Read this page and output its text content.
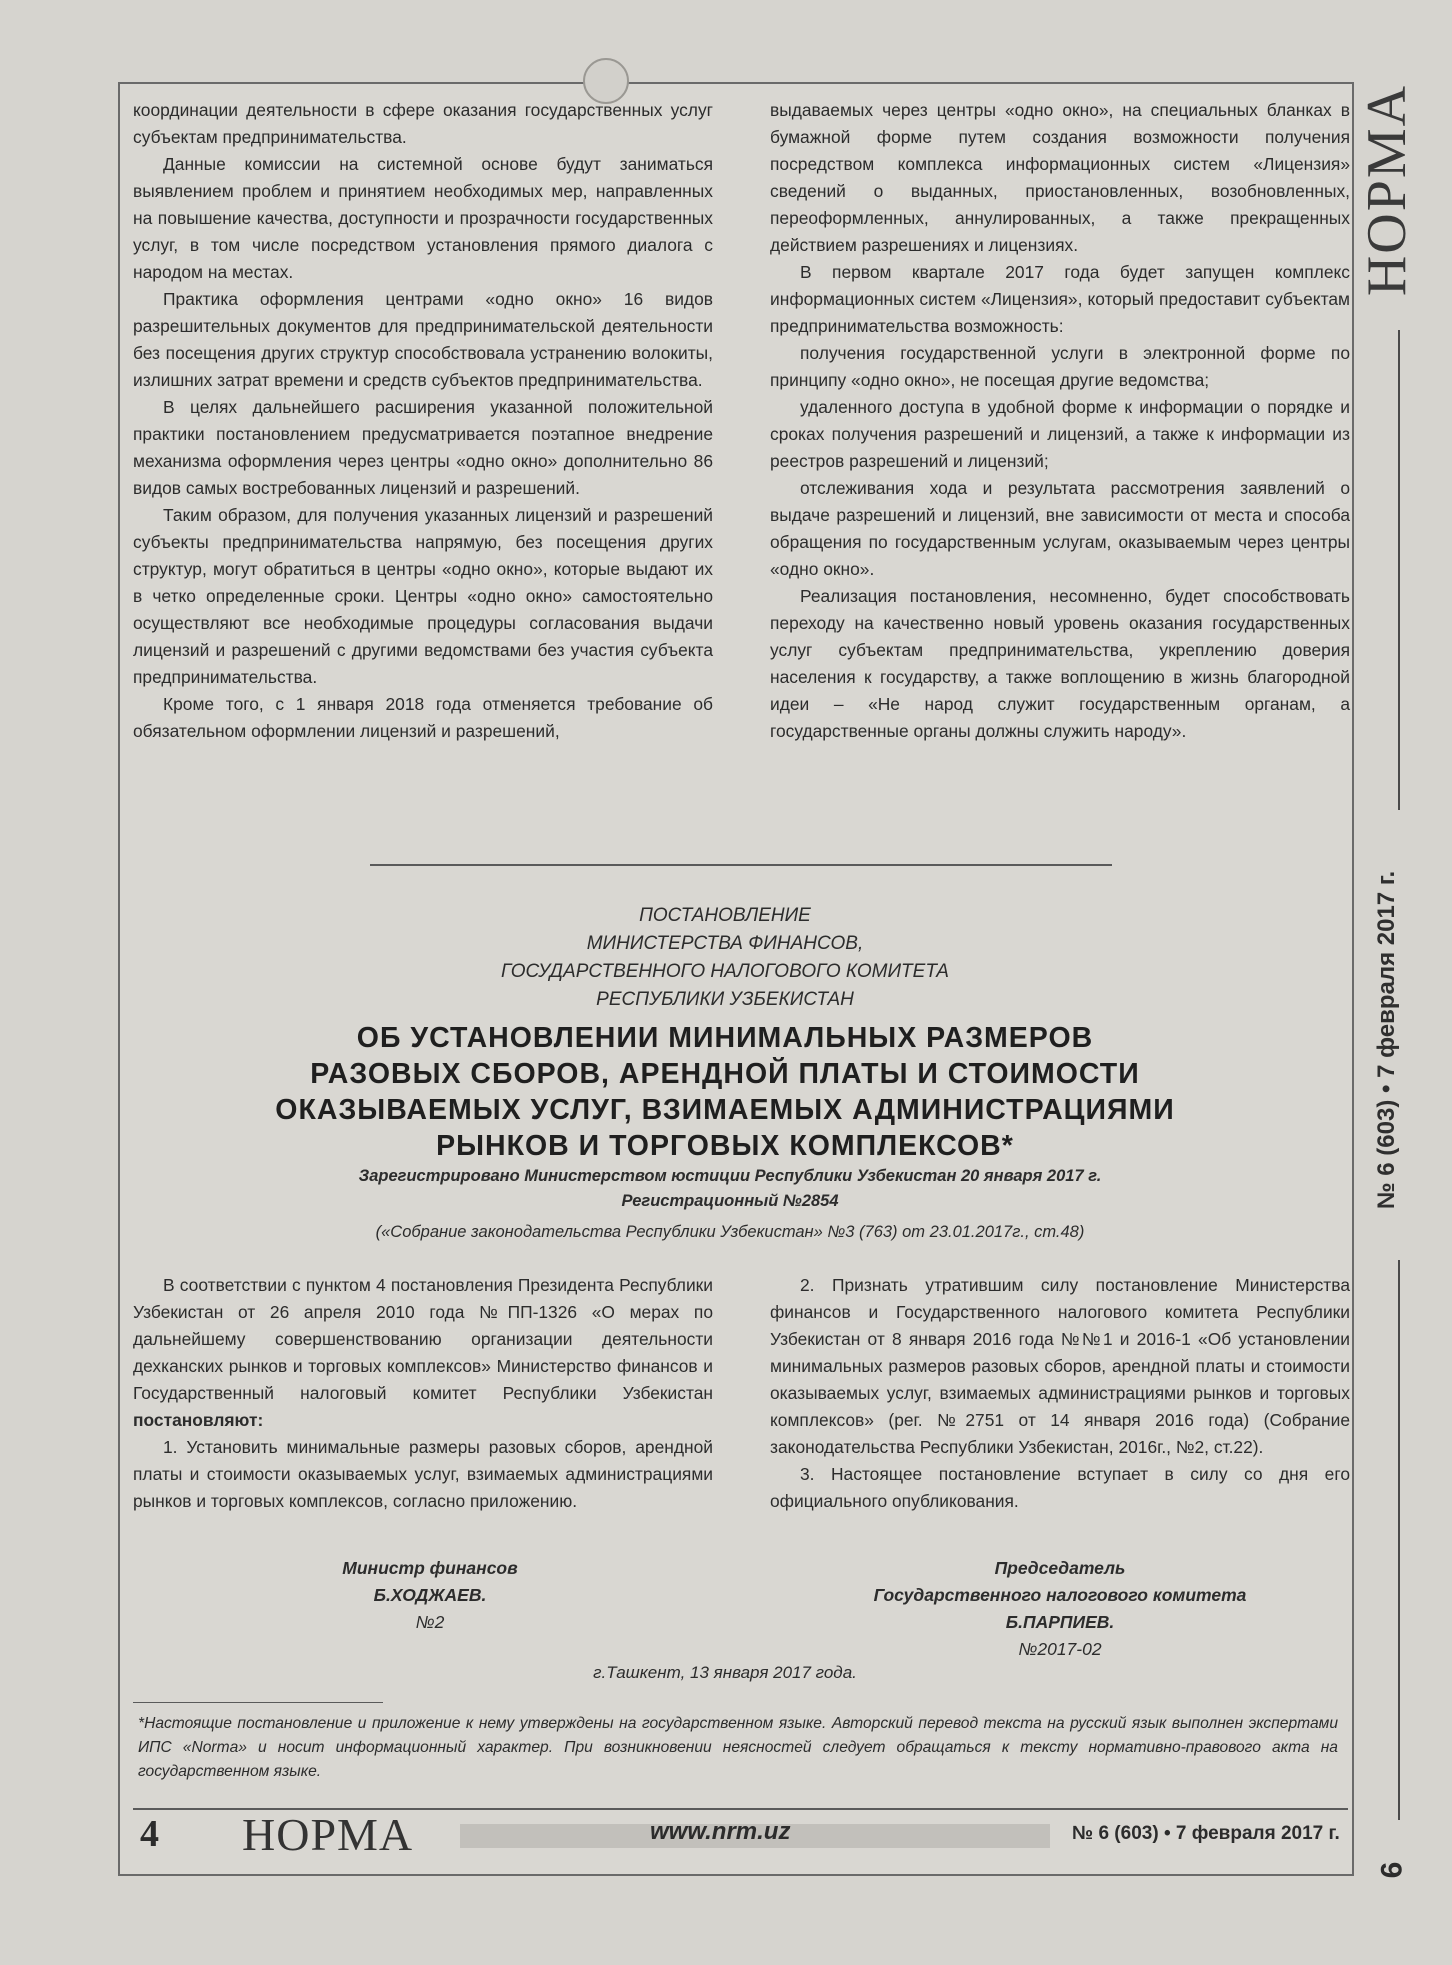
НОРМА
№ 6 (603) • 7 февраля 2017 г.
6

координации деятельности в сфере оказания государственных услуг субъектам предпринимательства.

Данные комиссии на системной основе будут заниматься выявлением проблем и принятием необходимых мер, направленных на повышение качества, доступности и прозрачности государственных услуг, в том числе посредством установления прямого диалога с народом на местах.

Практика оформления центрами «одно окно» 16 видов разрешительных документов для предпринимательской деятельности без посещения других структур способствовала устранению волокиты, излишних затрат времени и средств субъектов предпринимательства.

В целях дальнейшего расширения указанной положительной практики постановлением предусматривается поэтапное внедрение механизма оформления через центры «одно окно» дополнительно 86 видов самых востребованных лицензий и разрешений.

Таким образом, для получения указанных лицензий и разрешений субъекты предпринимательства напрямую, без посещения других структур, могут обратиться в центры «одно окно», которые выдают их в четко определенные сроки. Центры «одно окно» самостоятельно осуществляют все необходимые процедуры согласования выдачи лицензий и разрешений с другими ведомствами без участия субъекта предпринимательства.

Кроме того, с 1 января 2018 года отменяется требование об обязательном оформлении лицензий и разрешений,

выдаваемых через центры «одно окно», на специальных бланках в бумажной форме путем создания возможности получения посредством комплекса информационных систем «Лицензия» сведений о выданных, приостановленных, возобновленных, переоформленных, аннулированных, а также прекращенных действием разрешениях и лицензиях.

В первом квартале 2017 года будет запущен комплекс информационных систем «Лицензия», который предоставит субъектам предпринимательства возможность:

получения государственной услуги в электронной форме по принципу «одно окно», не посещая другие ведомства;

удаленного доступа в удобной форме к информации о порядке и сроках получения разрешений и лицензий, а также к информации из реестров разрешений и лицензий;

отслеживания хода и результата рассмотрения заявлений о выдаче разрешений и лицензий, вне зависимости от места и способа обращения по государственным услугам, оказываемым через центры «одно окно».

Реализация постановления, несомненно, будет способствовать переходу на качественно новый уровень оказания государственных услуг субъектам предпринимательства, укреплению доверия населения к государству, а также воплощению в жизнь благородной идеи – «Не народ служит государственным органам, а государственные органы должны служить народу».

ПОСТАНОВЛЕНИЕ
МИНИСТЕРСТВА ФИНАНСОВ,
ГОСУДАРСТВЕННОГО НАЛОГОВОГО КОМИТЕТА
РЕСПУБЛИКИ УЗБЕКИСТАН
ОБ УСТАНОВЛЕНИИ МИНИМАЛЬНЫХ РАЗМЕРОВ
РАЗОВЫХ СБОРОВ, АРЕНДНОЙ ПЛАТЫ И СТОИМОСТИ
ОКАЗЫВАЕМЫХ УСЛУГ, ВЗИМАЕМЫХ АДМИНИСТРАЦИЯМИ
РЫНКОВ И ТОРГОВЫХ КОМПЛЕКСОВ*
Зарегистрировано Министерством юстиции Республики Узбекистан 20 января 2017 г.
Регистрационный №2854
(«Собрание законодательства Республики Узбекистан» №3 (763) от 23.01.2017г., ст.48)

В соответствии с пунктом 4 постановления Президента Республики Узбекистан от 26 апреля 2010 года №ПП-1326 «О мерах по дальнейшему совершенствованию организации деятельности дехканских рынков и торговых комплексов» Министерство финансов и Государственный налоговый комитет Республики Узбекистан постановляют:

1. Установить минимальные размеры разовых сборов, арендной платы и стоимости оказываемых услуг, взимаемых администрациями рынков и торговых комплексов, согласно приложению.

2. Признать утратившим силу постановление Министерства финансов и Государственного налогового комитета Республики Узбекистан от 8 января 2016 года №№1 и 2016-1 «Об установлении минимальных размеров разовых сборов, арендной платы и стоимости оказываемых услуг, взимаемых администрациями рынков и торговых комплексов» (рег. №2751 от 14 января 2016 года) (Собрание законодательства Республики Узбекистан, 2016г., №2, ст.22).

3. Настоящее постановление вступает в силу со дня его официального опубликования.

Министр финансов
Б.ХОДЖАЕВ.
№2
Председатель
Государственного налогового комитета
Б.ПАРПИЕВ.
№2017-02
г.Ташкент, 13 января 2017 года.
*Настоящие постановление и приложение к нему утверждены на государственном языке. Авторский перевод текста на русский язык выполнен экспертами ИПС «Norma» и носит информационный характер. При возникновении неясностей следует обращаться к тексту нормативно-правового акта на государственном языке.
4 НОРМА	www.nrm.uz	№ 6 (603) • 7 февраля 2017 г.
